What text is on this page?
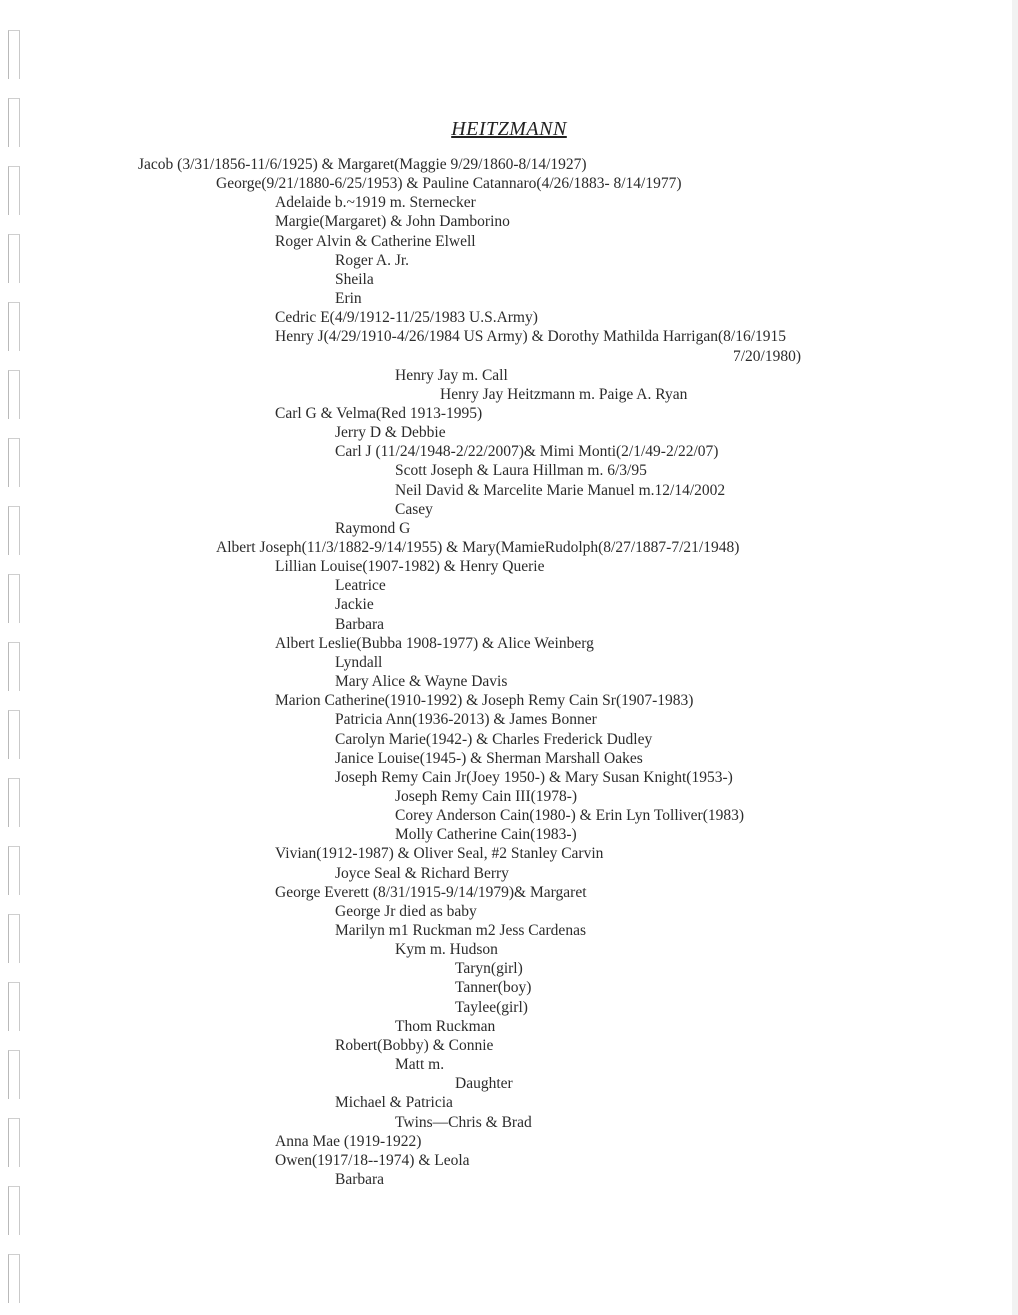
HEITZMANN
Jacob (3/31/1856-11/6/1925) & Margaret(Maggie 9/29/1860-8/14/1927)
George(9/21/1880-6/25/1953) & Pauline Catannaro(4/26/1883- 8/14/1977)
Adelaide b.~1919 m. Sternecker
Margie(Margaret) & John Damborino
Roger Alvin & Catherine Elwell
Roger A. Jr.
Sheila
Erin
Cedric E(4/9/1912-11/25/1983 U.S.Army)
Henry J(4/29/1910-4/26/1984 US Army) & Dorothy Mathilda Harrigan(8/16/1915
7/20/1980)
Henry Jay m. Call
Henry Jay Heitzmann m. Paige A. Ryan
Carl G & Velma(Red 1913-1995)
Jerry D & Debbie
Carl J (11/24/1948-2/22/2007)& Mimi Monti(2/1/49-2/22/07)
Scott Joseph & Laura Hillman m. 6/3/95
Neil David & Marcelite Marie Manuel m.12/14/2002
Casey
Raymond G
Albert Joseph(11/3/1882-9/14/1955) & Mary(MamieRudolph(8/27/1887-7/21/1948)
Lillian Louise(1907-1982) & Henry Querie
Leatrice
Jackie
Barbara
Albert Leslie(Bubba 1908-1977) & Alice Weinberg
Lyndall
Mary Alice & Wayne Davis
Marion Catherine(1910-1992) & Joseph Remy Cain Sr(1907-1983)
Patricia Ann(1936-2013) & James Bonner
Carolyn Marie(1942-) & Charles Frederick Dudley
Janice Louise(1945-) & Sherman Marshall Oakes
Joseph Remy Cain Jr(Joey 1950-) & Mary Susan Knight(1953-)
Joseph Remy Cain III(1978-)
Corey Anderson Cain(1980-) & Erin Lyn Tolliver(1983)
Molly Catherine Cain(1983-)
Vivian(1912-1987) & Oliver Seal, #2 Stanley Carvin
Joyce Seal & Richard Berry
George Everett (8/31/1915-9/14/1979)& Margaret
George Jr died as baby
Marilyn m1 Ruckman m2 Jess Cardenas
Kym m. Hudson
Taryn(girl)
Tanner(boy)
Taylee(girl)
Thom Ruckman
Robert(Bobby) & Connie
Matt m.
Daughter
Michael & Patricia
Twins—Chris & Brad
Anna Mae (1919-1922)
Owen(1917/18--1974) & Leola
Barbara
